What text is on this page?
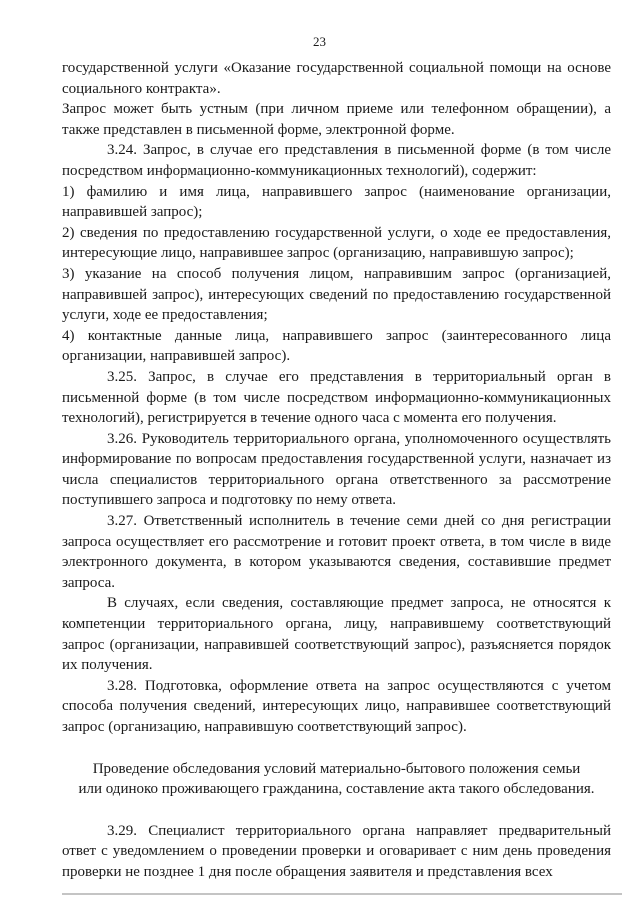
23

государственной услуги «Оказание государственной социальной помощи на основе социального контракта».

Запрос может быть устным (при личном приеме или телефонном обращении), а также представлен в письменной форме, электронной форме.

3.24. Запрос, в случае его представления в письменной форме (в том числе посредством информационно-коммуникационных технологий), содержит:

1) фамилию и имя лица, направившего запрос (наименование организации, направившей запрос);

2) сведения по предоставлению государственной услуги, о ходе ее предоставления, интересующие лицо, направившее запрос (организацию, направившую запрос);

3) указание на способ получения лицом, направившим запрос (организацией, направившей запрос), интересующих сведений по предоставлению государственной услуги, ходе ее предоставления;

4) контактные данные лица, направившего запрос (заинтересованного лица организации, направившей запрос).

3.25. Запрос, в случае его представления в территориальный орган в письменной форме (в том числе посредством информационно-коммуникационных технологий), регистрируется в течение одного часа с момента его получения.

3.26. Руководитель территориального органа, уполномоченного осуществлять информирование по вопросам предоставления государственной услуги, назначает из числа специалистов территориального органа ответственного за рассмотрение поступившего запроса и подготовку по нему ответа.

3.27. Ответственный исполнитель в течение семи дней со дня регистрации запроса осуществляет его рассмотрение и готовит проект ответа, в том числе в виде электронного документа, в котором указываются сведения, составившие предмет запроса.

В случаях, если сведения, составляющие предмет запроса, не относятся к компетенции территориального органа, лицу, направившему соответствующий запрос (организации, направившей соответствующий запрос), разъясняется порядок их получения.

3.28. Подготовка, оформление ответа на запрос осуществляются с учетом способа получения сведений, интересующих лицо, направившее соответствующий запрос (организацию, направившую соответствующий запрос).

Проведение обследования условий материально-бытового положения семьи
или одиноко проживающего гражданина, составление акта такого обследования.

3.29. Специалист территориального органа направляет предварительный ответ с уведомлением о проведении проверки и оговаривает с ним день проведения проверки не позднее 1 дня после обращения заявителя и представления всех
